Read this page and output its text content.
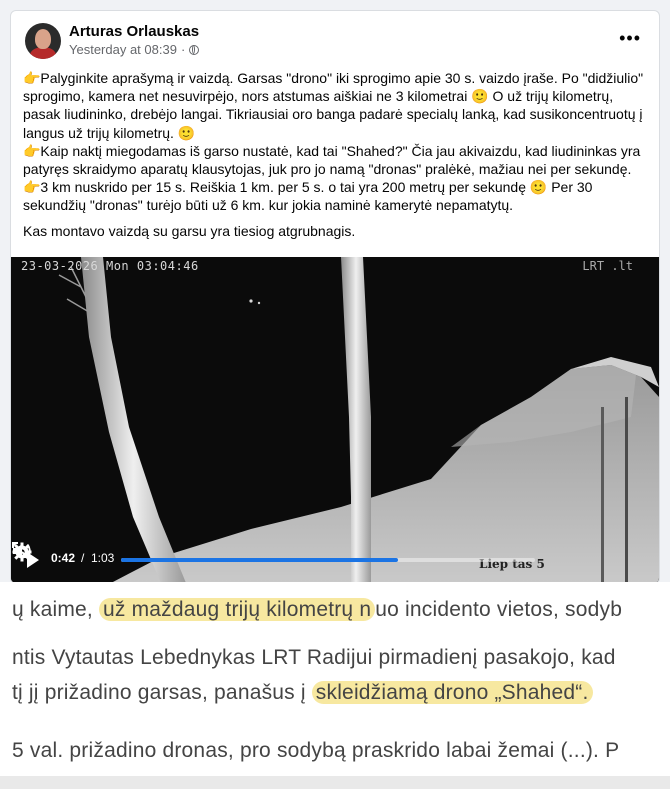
Arturas Orlauskas
Yesterday at 08:39 ·
•••

👉Palyginkite aprašymą ir vaizdą. Garsas "drono" iki sprogimo apie 30 s. vaizdo įraše. Po "didžiulio" sprogimo, kamera net nesuvirpėjo, nors atstumas aiškiai ne 3 kilometrai 🙂 O už trijų kilometrų, pasak liudininko, drebėjo langai. Tikriausiai oro banga padarė specialų lanką, kad susikoncentruotų į langus už trijų kilometrų. 🙂
👉Kaip naktį miegodamas iš garso nustatė, kad tai "Shahed?" Čia jau akivaizdu, kad liudininkas yra patyręs skraidymo aparatų klausytojas, juk pro jo namą "dronas" pralėkė, mažiau nei per sekundę.
👉3 km nuskrido per 15 s. Reiškia 1 km. per 5 s. o tai yra 200 metrų per sekundę 🙂 Per 30 sekundžių "dronas" turėjo būti už 6 km. kur jokia naminė kamerytė nepamatytų.

Kas montavo vaizdą su garsu yra tiesiog atgrubnagis.

23-03-2026 Mon 03:04:46	LRT .lt
Liep tas 5
0:42 / 1:03
ų kaime, už maždaug trijų kilometrų n uo incidento vietos, sodyb
ntis Vytautas Lebednykas LRT Radijui pirmadienį pasakojo, kad
tį jį prižadino garsas, panašus į skleidžiamą drono „Shahed“.
5 val. prižadino dronas, pro sodybą praskrido labai žemai (...). P
